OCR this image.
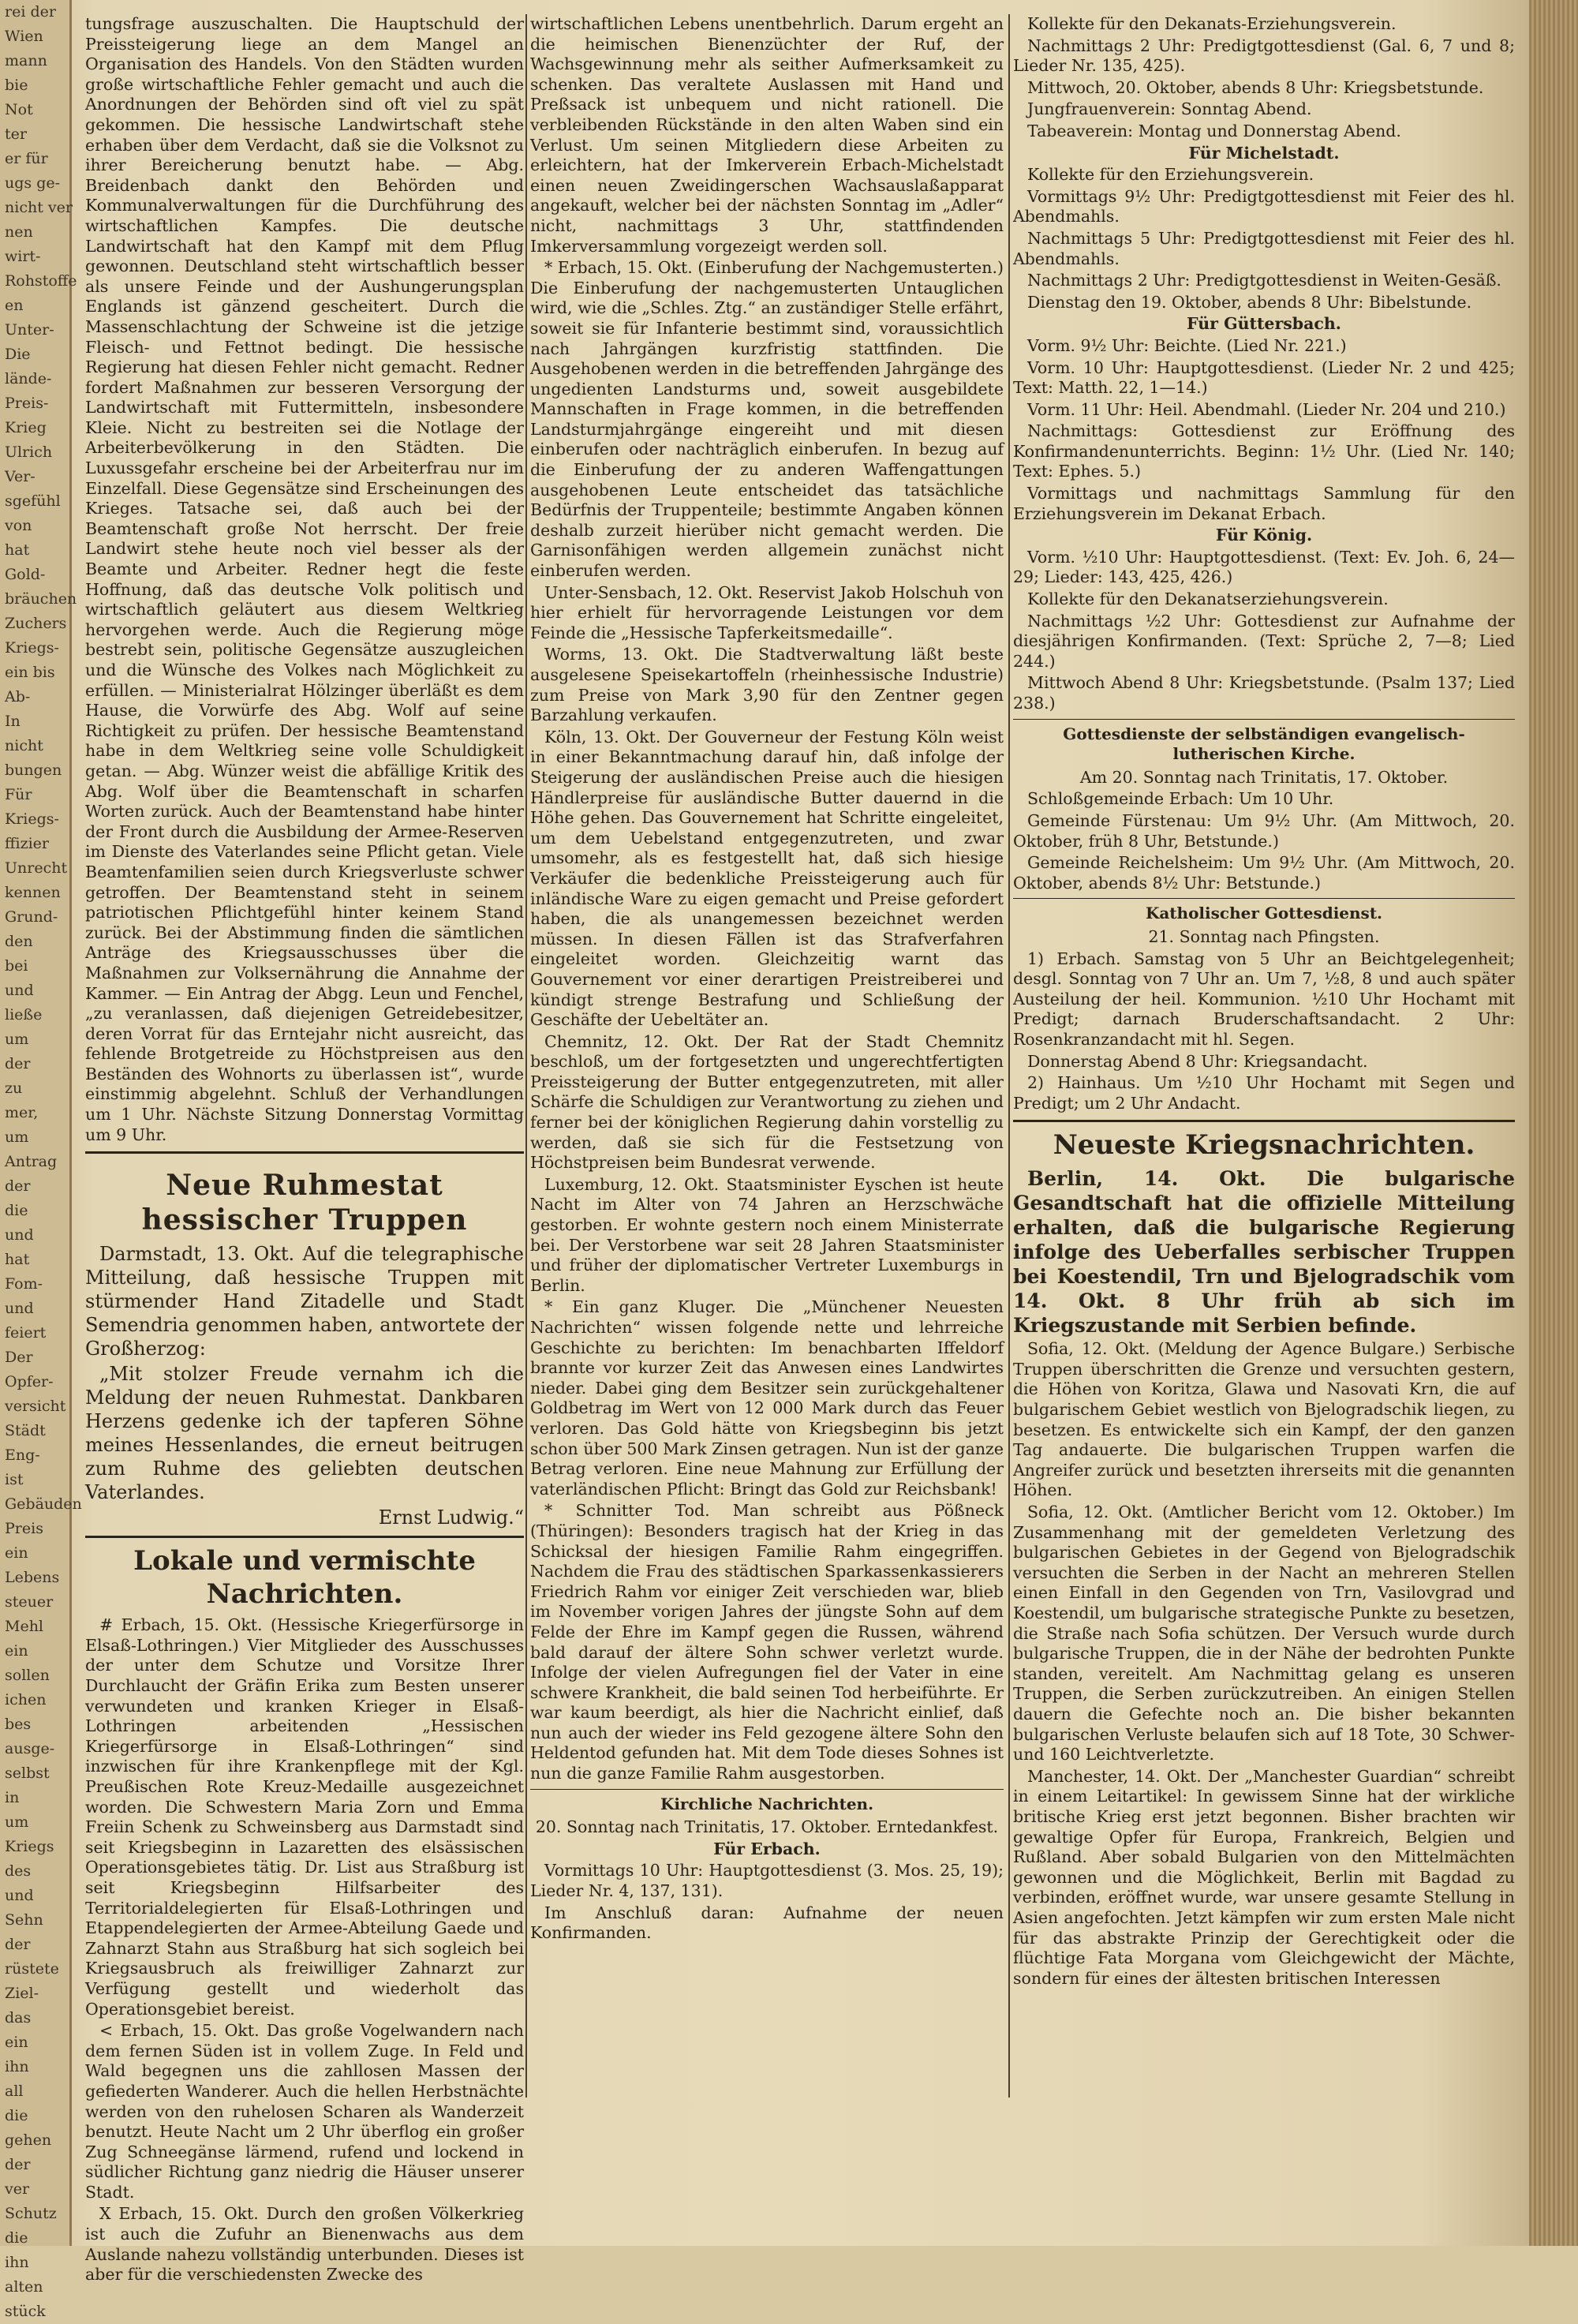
rei der

Wien

mann

bie

Not

ter

er für

ugs ge-

nicht ver

nen

wirt-

Rohstoffe

en

Unter-

Die

lände-

Preis-

Krieg

Ulrich

Ver-

sgefühl

von

hat

Gold-

bräuchen

Zuchers

Kriegs-

ein bis

Ab-

In

nicht

bungen

Für

Kriegs-

ffizier

Unrecht

kennen

Grund-

den

bei

und

ließe

um

der

zu

mer,

um

Antrag

der

die

und

hat

Fom-

und

feiert

Der

Opfer-

versicht

Städt

Eng-

ist

Gebäuden

Preis

ein

Lebens

steuer

Mehl

ein

sollen

ichen

bes

ausge-

selbst

in

um

Kriegs

des

und

Sehn

der

rüstete

Ziel-

das

ein

ihn

all

die

gehen

der

ver

Schutz

die

ihn

alten

stück

tungsfrage auszuschalten. Die Hauptschuld der Preissteigerung liege an dem Mangel an Organisation des Handels. Von den Städten wurden große wirtschaftliche Fehler gemacht und auch die Anordnungen der Behörden sind oft viel zu spät gekommen. Die hessische Landwirtschaft stehe erhaben über dem Verdacht, daß sie die Volksnot zu ihrer Bereicherung benutzt habe. — Abg. Breidenbach dankt den Behörden und Kommunalverwaltungen für die Durchführung des wirtschaftlichen Kampfes. Die deutsche Landwirtschaft hat den Kampf mit dem Pflug gewonnen. Deutschland steht wirtschaftlich besser als unsere Feinde und der Aushungerungsplan Englands ist gänzend gescheitert. Durch die Massenschlachtung der Schweine ist die jetzige Fleisch- und Fettnot bedingt. Die hessische Regierung hat diesen Fehler nicht gemacht. Redner fordert Maßnahmen zur besseren Versorgung der Landwirtschaft mit Futtermitteln, insbesondere Kleie. Nicht zu bestreiten sei die Notlage der Arbeiterbevölkerung in den Städten. Die Luxussgefahr erscheine bei der Arbeiterfrau nur im Einzelfall. Diese Gegensätze sind Erscheinungen des Krieges. Tatsache sei, daß auch bei der Beamtenschaft große Not herrscht. Der freie Landwirt stehe heute noch viel besser als der Beamte und Arbeiter. Redner hegt die feste Hoffnung, daß das deutsche Volk politisch und wirtschaftlich geläutert aus diesem Weltkrieg hervorgehen werde. Auch die Regierung möge bestrebt sein, politische Gegensätze auszugleichen und die Wünsche des Volkes nach Möglichkeit zu erfüllen. — Ministerialrat Hölzinger überläßt es dem Hause, die Vorwürfe des Abg. Wolf auf seine Richtigkeit zu prüfen. Der hessische Beamtenstand habe in dem Weltkrieg seine volle Schuldigkeit getan. — Abg. Wünzer weist die abfällige Kritik des Abg. Wolf über die Beamtenschaft in scharfen Worten zurück. Auch der Beamtenstand habe hinter der Front durch die Ausbildung der Armee-Reserven im Dienste des Vaterlandes seine Pflicht getan. Viele Beamtenfamilien seien durch Kriegsverluste schwer getroffen. Der Beamtenstand steht in seinem patriotischen Pflichtgefühl hinter keinem Stand zurück. Bei der Abstimmung finden die sämtlichen Anträge des Kriegsausschusses über die Maßnahmen zur Volksernährung die Annahme der Kammer. — Ein Antrag der Abgg. Leun und Fenchel, „zu veranlassen, daß diejenigen Getreidebesitzer, deren Vorrat für das Erntejahr nicht ausreicht, das fehlende Brotgetreide zu Höchstpreisen aus den Beständen des Wohnorts zu überlassen ist“, wurde einstimmig abgelehnt. Schluß der Verhandlungen um 1 Uhr. Nächste Sitzung Donnerstag Vormittag um 9 Uhr.

Neue Ruhmestat hessischer Truppen

Darmstadt, 13. Okt. Auf die telegraphische Mitteilung, daß hessische Truppen mit stürmender Hand Zitadelle und Stadt Semendria genommen haben, antwortete der Großherzog:

„Mit stolzer Freude vernahm ich die Meldung der neuen Ruhmestat. Dankbaren Herzens gedenke ich der tapferen Söhne meines Hessenlandes, die erneut beitrugen zum Ruhme des geliebten deutschen Vaterlandes.

Ernst Ludwig.“

Lokale und vermischte Nachrichten.

# Erbach, 15. Okt. (Hessische Kriegerfürsorge in Elsaß-Lothringen.) Vier Mitglieder des Ausschusses der unter dem Schutze und Vorsitze Ihrer Durchlaucht der Gräfin Erika zum Besten unserer verwundeten und kranken Krieger in Elsaß-Lothringen arbeitenden „Hessischen Kriegerfürsorge in Elsaß-Lothringen“ sind inzwischen für ihre Krankenpflege mit der Kgl. Preußischen Rote Kreuz-Medaille ausgezeichnet worden. Die Schwestern Maria Zorn und Emma Freiin Schenk zu Schweinsberg aus Darmstadt sind seit Kriegsbeginn in Lazaretten des elsässischen Operationsgebietes tätig. Dr. List aus Straßburg ist seit Kriegsbeginn Hilfsarbeiter des Territorialdelegierten für Elsaß-Lothringen und Etappendelegierten der Armee-Abteilung Gaede und Zahnarzt Stahn aus Straßburg hat sich sogleich bei Kriegsausbruch als freiwilliger Zahnarzt zur Verfügung gestellt und wiederholt das Operationsgebiet bereist.

< Erbach, 15. Okt. Das große Vogelwandern nach dem fernen Süden ist in vollem Zuge. In Feld und Wald begegnen uns die zahllosen Massen der gefiederten Wanderer. Auch die hellen Herbstnächte werden von den ruhelosen Scharen als Wanderzeit benutzt. Heute Nacht um 2 Uhr überflog ein großer Zug Schneegänse lärmend, rufend und lockend in südlicher Richtung ganz niedrig die Häuser unserer Stadt.

X Erbach, 15. Okt. Durch den großen Völkerkrieg ist auch die Zufuhr an Bienenwachs aus dem Auslande nahezu vollständig unterbunden. Dieses ist aber für die verschiedensten Zwecke des

wirtschaftlichen Lebens unentbehrlich. Darum ergeht an die heimischen Bienenzüchter der Ruf, der Wachsgewinnung mehr als seither Aufmerksamkeit zu schenken. Das veraltete Auslassen mit Hand und Preßsack ist unbequem und nicht rationell. Die verbleibenden Rückstände in den alten Waben sind ein Verlust. Um seinen Mitgliedern diese Arbeiten zu erleichtern, hat der Imkerverein Erbach-Michelstadt einen neuen Zweidingerschen Wachsauslaßapparat angekauft, welcher bei der nächsten Sonntag im „Adler“ nicht, nachmittags 3 Uhr, stattfindenden Imkerversammlung vorgezeigt werden soll.

* Erbach, 15. Okt. (Einberufung der Nachgemusterten.) Die Einberufung der nachgemusterten Untauglichen wird, wie die „Schles. Ztg.“ an zuständiger Stelle erfährt, soweit sie für Infanterie bestimmt sind, voraussichtlich nach Jahrgängen kurzfristig stattfinden. Die Ausgehobenen werden in die betreffenden Jahrgänge des ungedienten Landsturms und, soweit ausgebildete Mannschaften in Frage kommen, in die betreffenden Landsturmjahrgänge eingereiht und mit diesen einberufen oder nachträglich einberufen. In bezug auf die Einberufung der zu anderen Waffengattungen ausgehobenen Leute entscheidet das tatsächliche Bedürfnis der Truppenteile; bestimmte Angaben können deshalb zurzeit hierüber nicht gemacht werden. Die Garnisonfähigen werden allgemein zunächst nicht einberufen werden.

Unter-Sensbach, 12. Okt. Reservist Jakob Holschuh von hier erhielt für hervorragende Leistungen vor dem Feinde die „Hessische Tapferkeitsmedaille“.

Worms, 13. Okt. Die Stadtverwaltung läßt beste ausgelesene Speisekartoffeln (rheinhessische Industrie) zum Preise von Mark 3,90 für den Zentner gegen Barzahlung verkaufen.

Köln, 13. Okt. Der Gouverneur der Festung Köln weist in einer Bekanntmachung darauf hin, daß infolge der Steigerung der ausländischen Preise auch die hiesigen Händlerpreise für ausländische Butter dauernd in die Höhe gehen. Das Gouvernement hat Schritte eingeleitet, um dem Uebelstand entgegenzutreten, und zwar umsomehr, als es festgestellt hat, daß sich hiesige Verkäufer die bedenkliche Preissteigerung auch für inländische Ware zu eigen gemacht und Preise gefordert haben, die als unangemessen bezeichnet werden müssen. In diesen Fällen ist das Strafverfahren eingeleitet worden. Gleichzeitig warnt das Gouvernement vor einer derartigen Preistreiberei und kündigt strenge Bestrafung und Schließung der Geschäfte der Uebeltäter an.

Chemnitz, 12. Okt. Der Rat der Stadt Chemnitz beschloß, um der fortgesetzten und ungerechtfertigten Preissteigerung der Butter entgegenzutreten, mit aller Schärfe die Schuldigen zur Verantwortung zu ziehen und ferner bei der königlichen Regierung dahin vorstellig zu werden, daß sie sich für die Festsetzung von Höchstpreisen beim Bundesrat verwende.

Luxemburg, 12. Okt. Staatsminister Eyschen ist heute Nacht im Alter von 74 Jahren an Herzschwäche gestorben. Er wohnte gestern noch einem Ministerrate bei. Der Verstorbene war seit 28 Jahren Staatsminister und früher der diplomatischer Vertreter Luxemburgs in Berlin.

* Ein ganz Kluger. Die „Münchener Neuesten Nachrichten“ wissen folgende nette und lehrreiche Geschichte zu berichten: Im benachbarten Iffeldorf brannte vor kurzer Zeit das Anwesen eines Landwirtes nieder. Dabei ging dem Besitzer sein zurückgehaltener Goldbetrag im Wert von 12 000 Mark durch das Feuer verloren. Das Gold hätte von Kriegsbeginn bis jetzt schon über 500 Mark Zinsen getragen. Nun ist der ganze Betrag verloren. Eine neue Mahnung zur Erfüllung der vaterländischen Pflicht: Bringt das Gold zur Reichsbank!

* Schnitter Tod. Man schreibt aus Pößneck (Thüringen): Besonders tragisch hat der Krieg in das Schicksal der hiesigen Familie Rahm eingegriffen. Nachdem die Frau des städtischen Sparkassenkassierers Friedrich Rahm vor einiger Zeit verschieden war, blieb im November vorigen Jahres der jüngste Sohn auf dem Felde der Ehre im Kampf gegen die Russen, während bald darauf der ältere Sohn schwer verletzt wurde. Infolge der vielen Aufregungen fiel der Vater in eine schwere Krankheit, die bald seinen Tod herbeiführte. Er war kaum beerdigt, als hier die Nachricht einlief, daß nun auch der wieder ins Feld gezogene ältere Sohn den Heldentod gefunden hat. Mit dem Tode dieses Sohnes ist nun die ganze Familie Rahm ausgestorben.

Kirchliche Nachrichten.

20. Sonntag nach Trinitatis, 17. Oktober. Erntedankfest.

Für Erbach.

Vormittags 10 Uhr: Hauptgottesdienst (3. Mos. 25, 19); Lieder Nr. 4, 137, 131).

Im Anschluß daran: Aufnahme der neuen Konfirmanden.

Kollekte für den Dekanats-Erziehungsverein.

Nachmittags 2 Uhr: Predigtgottesdienst (Gal. 6, 7 und 8; Lieder Nr. 135, 425).

Mittwoch, 20. Oktober, abends 8 Uhr: Kriegsbetstunde.

Jungfrauenverein: Sonntag Abend.

Tabeaverein: Montag und Donnerstag Abend.

Für Michelstadt.

Kollekte für den Erziehungsverein.

Vormittags 9½ Uhr: Predigtgottesdienst mit Feier des hl. Abendmahls.

Nachmittags 5 Uhr: Predigtgottesdienst mit Feier des hl. Abendmahls.

Nachmittags 2 Uhr: Predigtgottesdienst in Weiten-Gesäß.

Dienstag den 19. Oktober, abends 8 Uhr: Bibelstunde.

Für Güttersbach.

Vorm. 9½ Uhr: Beichte. (Lied Nr. 221.)

Vorm. 10 Uhr: Hauptgottesdienst. (Lieder Nr. 2 und 425; Text: Matth. 22, 1—14.)

Vorm. 11 Uhr: Heil. Abendmahl. (Lieder Nr. 204 und 210.)

Nachmittags: Gottesdienst zur Eröffnung des Konfirmandenunterrichts. Beginn: 1½ Uhr. (Lied Nr. 140; Text: Ephes. 5.)

Vormittags und nachmittags Sammlung für den Erziehungsverein im Dekanat Erbach.

Für König.

Vorm. ½10 Uhr: Hauptgottesdienst. (Text: Ev. Joh. 6, 24—29; Lieder: 143, 425, 426.)

Kollekte für den Dekanatserziehungsverein.

Nachmittags ½2 Uhr: Gottesdienst zur Aufnahme der diesjährigen Konfirmanden. (Text: Sprüche 2, 7—8; Lied 244.)

Mittwoch Abend 8 Uhr: Kriegsbetstunde. (Psalm 137; Lied 238.)

Gottesdienste der selbständigen evangelisch-lutherischen Kirche.

Am 20. Sonntag nach Trinitatis, 17. Oktober.

Schloßgemeinde Erbach: Um 10 Uhr.

Gemeinde Fürstenau: Um 9½ Uhr. (Am Mittwoch, 20. Oktober, früh 8 Uhr, Betstunde.)

Gemeinde Reichelsheim: Um 9½ Uhr. (Am Mittwoch, 20. Oktober, abends 8½ Uhr: Betstunde.)

Katholischer Gottesdienst.

21. Sonntag nach Pfingsten.

1) Erbach. Samstag von 5 Uhr an Beichtgelegenheit; desgl. Sonntag von 7 Uhr an. Um 7, ½8, 8 und auch später Austeilung der heil. Kommunion. ½10 Uhr Hochamt mit Predigt; darnach Bruderschaftsandacht. 2 Uhr: Rosenkranzandacht mit hl. Segen.

Donnerstag Abend 8 Uhr: Kriegsandacht.

2) Hainhaus. Um ½10 Uhr Hochamt mit Segen und Predigt; um 2 Uhr Andacht.

Neueste Kriegsnachrichten.

Berlin, 14. Okt. Die bulgarische Gesandtschaft hat die offizielle Mitteilung erhalten, daß die bulgarische Regierung infolge des Ueberfalles serbischer Truppen bei Koestendil, Trn und Bjelogradschik vom 14. Okt. 8 Uhr früh ab sich im Kriegszustande mit Serbien befinde.

Sofia, 12. Okt. (Meldung der Agence Bulgare.) Serbische Truppen überschritten die Grenze und versuchten gestern, die Höhen von Koritza, Glawa und Nasovati Krn, die auf bulgarischem Gebiet westlich von Bjelogradschik liegen, zu besetzen. Es entwickelte sich ein Kampf, der den ganzen Tag andauerte. Die bulgarischen Truppen warfen die Angreifer zurück und besetzten ihrerseits mit die genannten Höhen.

Sofia, 12. Okt. (Amtlicher Bericht vom 12. Oktober.) Im Zusammenhang mit der gemeldeten Verletzung des bulgarischen Gebietes in der Gegend von Bjelogradschik versuchten die Serben in der Nacht an mehreren Stellen einen Einfall in den Gegenden von Trn, Vasilovgrad und Koestendil, um bulgarische strategische Punkte zu besetzen, die Straße nach Sofia schützen. Der Versuch wurde durch bulgarische Truppen, die in der Nähe der bedrohten Punkte standen, vereitelt. Am Nachmittag gelang es unseren Truppen, die Serben zurückzutreiben. An einigen Stellen dauern die Gefechte noch an. Die bisher bekannten bulgarischen Verluste belaufen sich auf 18 Tote, 30 Schwer- und 160 Leichtverletzte.

Manchester, 14. Okt. Der „Manchester Guardian“ schreibt in einem Leitartikel: In gewissem Sinne hat der wirkliche britische Krieg erst jetzt begonnen. Bisher brachten wir gewaltige Opfer für Europa, Frankreich, Belgien und Rußland. Aber sobald Bulgarien von den Mittelmächten gewonnen und die Möglichkeit, Berlin mit Bagdad zu verbinden, eröffnet wurde, war unsere gesamte Stellung in Asien angefochten. Jetzt kämpfen wir zum ersten Male nicht für das abstrakte Prinzip der Gerechtigkeit oder die flüchtige Fata Morgana vom Gleichgewicht der Mächte, sondern für eines der ältesten britischen Interessen
